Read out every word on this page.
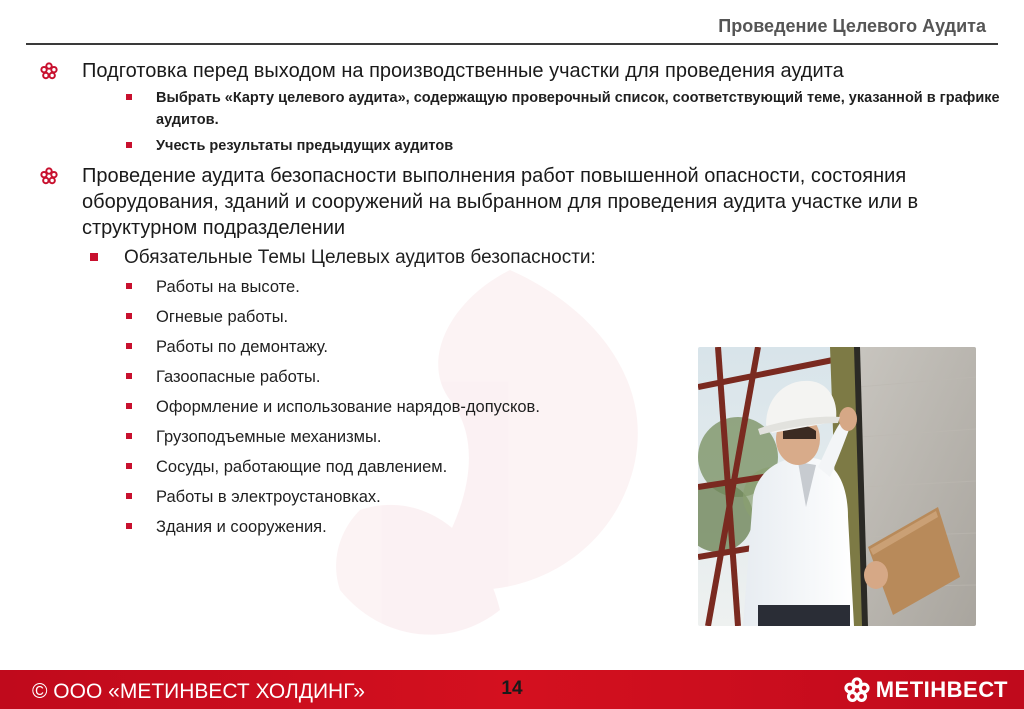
Проведение Целевого Аудита
Подготовка перед выходом на производственные участки для проведения аудита
Выбрать «Карту целевого аудита», содержащую проверочный список, соответствующий теме, указанной в графике аудитов.
Учесть результаты предыдущих аудитов
Проведение аудита безопасности выполнения работ повышенной опасности, состояния оборудования, зданий и сооружений на выбранном для проведения аудита участке или в структурном подразделении
Обязательные Темы Целевых аудитов безопасности:
Работы на высоте.
Огневые работы.
Работы по демонтажу.
Газоопасные работы.
Оформление и использование нарядов-допусков.
Грузоподъемные механизмы.
Сосуды, работающие под давлением.
Работы в электроустановках.
Здания и сооружения.
© ООО «МЕТИНВЕСТ ХОЛДИНГ»	14	МЕТІНВЕСТ
